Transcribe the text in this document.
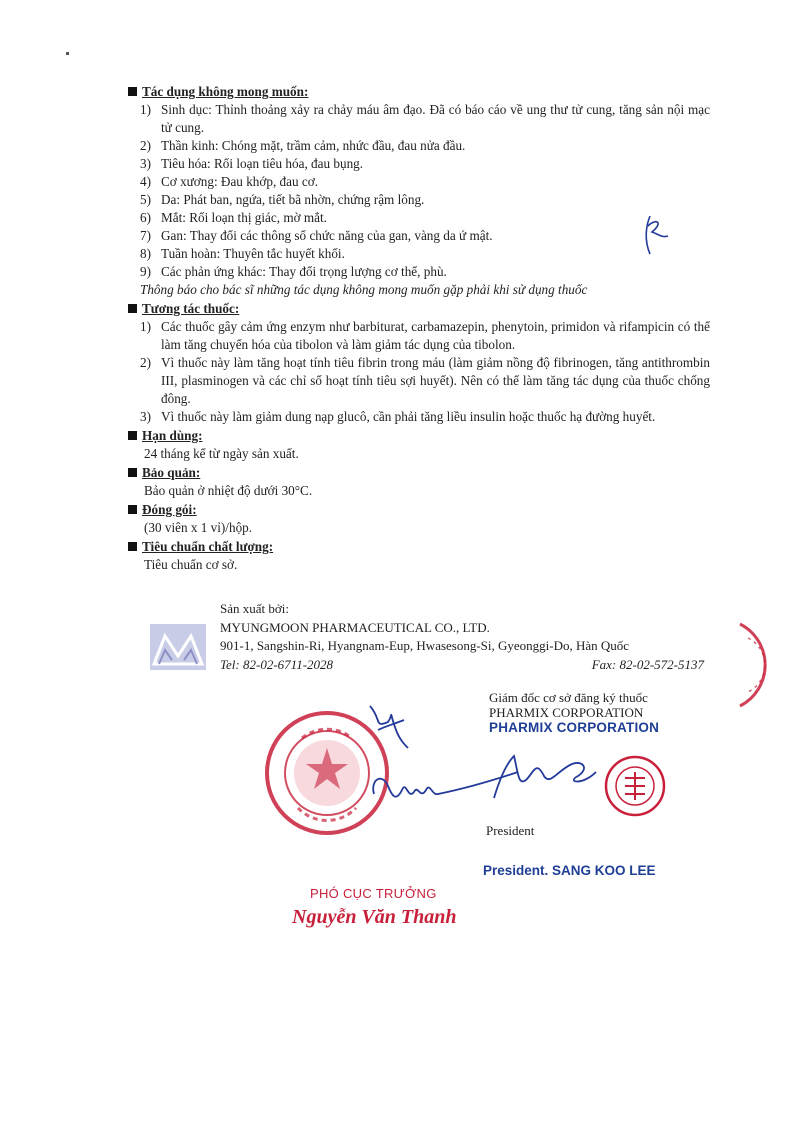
Tác dụng không mong muốn:
1) Sinh dục: Thỉnh thoảng xảy ra chảy máu âm đạo. Đã có báo cáo về ung thư tử cung, tăng sản nội mạc tử cung.
2) Thần kinh: Chóng mặt, trầm cảm, nhức đầu, đau nửa đầu.
3) Tiêu hóa: Rối loạn tiêu hóa, đau bụng.
4) Cơ xương: Đau khớp, đau cơ.
5) Da: Phát ban, ngứa, tiết bã nhờn, chứng rậm lông.
6) Mắt: Rối loạn thị giác, mờ mắt.
7) Gan: Thay đổi các thông số chức năng của gan, vàng da ứ mật.
8) Tuần hoàn: Thuyên tắc huyết khối.
9) Các phản ứng khác: Thay đổi trọng lượng cơ thể, phù.
Thông báo cho bác sĩ những tác dụng không mong muốn gặp phải khi sử dụng thuốc
Tương tác thuốc:
1) Các thuốc gây cảm ứng enzym như barbiturat, carbamazepin, phenytoin, primidon và rifampicin có thể làm tăng chuyển hóa của tibolon và làm giảm tác dụng của tibolon.
2) Vì thuốc này làm tăng hoạt tính tiêu fibrin trong máu (làm giảm nồng độ fibrinogen, tăng antithrombin III, plasminogen và các chỉ số hoạt tính tiêu sợi huyết). Nên có thể làm tăng tác dụng của thuốc chống đông.
3) Vì thuốc này làm giảm dung nạp glucô, cần phải tăng liều insulin hoặc thuốc hạ đường huyết.
Hạn dùng:
24 tháng kể từ ngày sản xuất.
Bảo quản:
Bảo quản ở nhiệt độ dưới 30°C.
Đóng gói:
(30 viên x 1 vỉ)/hộp.
Tiêu chuẩn chất lượng:
Tiêu chuẩn cơ sở.
Sản xuất bởi:
MYUNGMOON PHARMACEUTICAL CO., LTD.
901-1, Sangshin-Ri, Hyangnam-Eup, Hwasesong-Si, Gyeonggi-Do, Hàn Quốc
Tel: 82-02-6711-2028	Fax: 82-02-572-5137
Giám đốc cơ sở đăng ký thuốc
PHARMIX CORPORATION
PHARMIX CORPORATION
President
President. SANG KOO LEE
PHÓ CỤC TRƯỞNG
Nguyễn Văn Thanh
